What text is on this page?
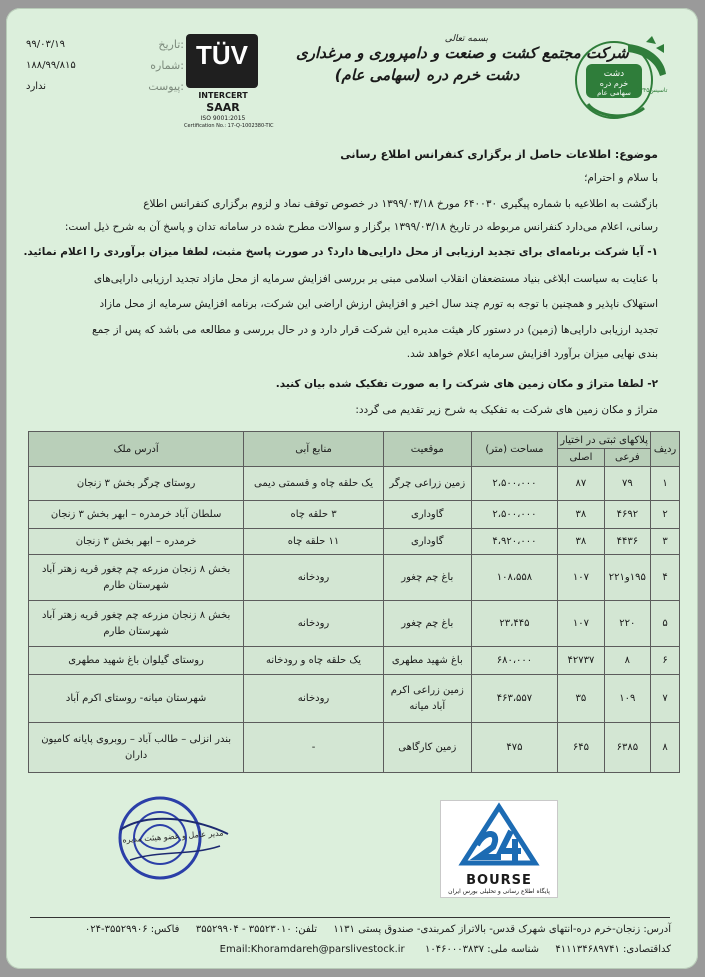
۹۹/۰۳/۱۹
۱۸۸/۹۹/۸۱۵
ندارد
تاریخ:
شماره:
پیوست:
TÜV
INTERCERT
SAAR
ISO 9001:2015
Certification No.: 17-Q-1002380-TIC
بسمه تعالی
شرکت مجتمع کشت و صنعت و دامپروری و مرغداری
دشت خرم دره (سهامی عام)	دشت
خرم دره
سهامی عام تاسیس۱۳۴۵
موضوع: اطلاعات حاصل از برگزاری کنفرانس اطلاع رسانی
با سلام و احترام؛
بازگشت به اطلاعیه با شماره پیگیری ۶۴۰۰۳۰ مورخ ۱۳۹۹/۰۳/۱۸ در خصوص توقف نماد و لزوم برگزاری کنفرانس اطلاع
رسانی، اعلام می‌دارد کنفرانس مربوطه در تاریخ ۱۳۹۹/۰۳/۱۸ برگزار و سوالات مطرح شده در سامانه تدان و پاسخ آن به شرح ذیل است:
۱- آیا شرکت برنامه‌ای برای تجدید ارزیابی از محل دارایی‌ها دارد؟ در صورت پاسخ مثبت، لطفا میزان برآوردی را اعلام نمائید.
با عنایت به سیاست ابلاغی بنیاد مستضعفان انقلاب اسلامی مبنی بر بررسی افزایش سرمایه از محل مازاد تجدید ارزیابی دارایی‌های
استهلاک ناپذیر و همچنین با توجه به تورم چند سال اخیر و افزایش ارزش اراضی این شرکت، برنامه افزایش سرمایه از محل مازاد
تجدید ارزیابی دارایی‌ها (زمین) در دستور کار هیئت مدیره این شرکت قرار دارد و در حال بررسی و مطالعه می باشد که پس از جمع
بندی نهایی میزان برآورد افزایش سرمایه اعلام خواهد شد.
۲- لطفا متراژ و مکان زمین های شرکت را به صورت تفکیک شده بیان کنید.
متراژ و مکان زمین های شرکت به تفکیک به شرح زیر تقدیم می گردد:
ردیف	پلاکهای ثبتی در اختیار		مساحت (متر)	موقعیت	منابع آبی	آدرس ملک
	فرعی	اصلی				
۱	۷۹	۸۷	۲،۵۰۰،۰۰۰	زمین زراعی چرگر	یک حلقه چاه و قسمتی دیمی	روستای چرگر بخش ۳ زنجان
۲	۴۶۹۲	۳۸	۲،۵۰۰،۰۰۰	گاوداری	۳ حلقه چاه	سلطان آباد خرمدره – ابهر بخش ۳ زنجان
۳	۴۴۳۶	۳۸	۴،۹۲۰،۰۰۰	گاوداری	۱۱ حلقه چاه	خرمدره – ابهر بخش ۳ زنجان
۴	۱۹۵و۲۲۱	۱۰۷	۱۰۸،۵۵۸	باغ چم چغور	رودخانه	بخش ۸ زنجان مزرعه چم چغور قریه زهتر آباد شهرستان طارم
۵	۲۲۰	۱۰۷	۲۳،۴۴۵	باغ چم چغور	رودخانه	بخش ۸ زنجان مزرعه چم چغور قریه زهتر آباد شهرستان طارم
۶	۸	۴۲۷۳۷	۶۸۰،۰۰۰	باغ شهید مطهری	یک حلقه چاه و رودخانه	روستای گیلوان باغ شهید مطهری
۷	۱۰۹	۳۵	۴۶۳،۵۵۷	زمین زراعی اکرم آباد میانه	رودخانه	شهرستان میانه- روستای اکرم آباد
۸	۶۳۸۵	۶۴۵	۴۷۵	زمین کارگاهی	-	بندر انزلی – طالب آباد – روبروی پایانه کامیون داران
مدیر عامل و عضو هیئت مدیره
BOURSE
پایگاه اطلاع رسانی و تحلیلی بورس ایران
آدرس: زنجان-خرم دره-انتهای شهرک قدس- بالاتراز کمربندی- صندوق پستی ۱۱۳۱  تلفن: ۳۵۵۲۳۰۱۰ - ۳۵۵۲۹۹۰۴  فاکس: ۳۵۵۲۹۹۰۶-۰۲۴
کداقتصادی: ۴۱۱۱۳۴۶۸۹۷۴۱  شناسه ملی: ۱۰۴۶۰۰۰۳۸۳۷  Email:Khoramdareh@parslivestock.ir
